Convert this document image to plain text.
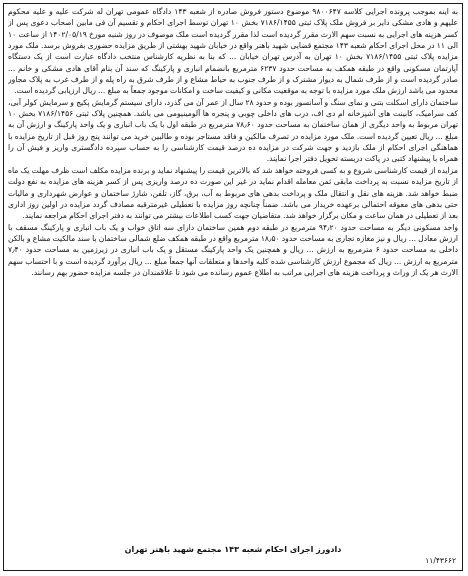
به اینه بموجب پرونده اجرایی کلاسه ۹۸۰۰۶۴۷ موضوع دستور فروش صادره از شعبه ۱۴۳ دادگاه عمومی تهران له شرکت علیه و علیه محکوم علیهم و هادی مشکی دایر بر فروش ملک پلاک ثبتی ۷۱۸۶/۱۴۵۵ بخش ۱۰ تهران توسط اجرای احکام و تقسیم آن فی مابین اصحاب دعوی پس از کسر هزینه های اجرایی به نسبت سهم الارث مقرر گردیده است لذا مقرر گردیده است ملک موصوف در روز شنبه مورخ ۱۴۰۲/۰۵/۱۹ از ساعت ۱۰ الی ۱۱ در محل اجرای احکام شعبه ۱۴۳ مجتمع قضایی شهید باهنر واقع در خیابان شهید بهشتی از طریق مزایده حضوری بفروش برسد. ملک مورد مزایده پلاک ثبتی ۷۱۸۶/۱۴۵۵ بخش ۱۰ تهران به آدرس تهران خیابان ... که بنا به نظریه کارشناس منتخب دادگاه عبارت است از یک دستگاه آپارتمان مسکونی واقع در طبقه همکف به مساحت حدود ۶۲۳۷ مترمربع بانضمام انباری و پارکینگ که سند آن بنام آقای هادی مشکی و خانم ... صادر گردیده است و از طرف شمال به دیوار مشترک و از طرف جنوب به حیاط مشاع و از طرف شرق به راه پله و از طرف غرب به پلاک مجاور محدود می باشد ارزش ملک مورد مزایده با توجه به موقعیت مکانی و کیفیت ساخت و امکانات موجود جمعاً به مبلغ ... ریال ارزیابی گردیده است.

ساختمان دارای اسکلت بتنی و نمای سنگ و آسانسور بوده و حدود ۲۸ سال از عمر آن می گذرد، دارای سیستم گرمایش پکیج و سرمایش کولر آبی، کف سرامیک، کابینت های آشپزخانه ام دی اف، درب های داخلی چوبی و پنجره ها آلومینیومی می باشد. همچنین پلاک ثبتی ۷۱۸۶/۱۴۵۶ بخش ۱۰ تهران مربوط به واحد دیگری از همان ساختمان به مساحت حدود ۷۸٫۶۰ مترمربع در طبقه اول با یک باب انباری و یک واحد پارکینگ و ارزش آن به مبلغ ... ریال تعیین گردیده است. ملک مورد مزایده در تصرف مالکین و فاقد مستاجر بوده و طالبین خرید می توانند پنج روز قبل از تاریخ مزایده با هماهنگی اجرای احکام از ملک بازدید و جهت شرکت در مزایده ده درصد قیمت کارشناسی را به حساب سپرده دادگستری واریز و فیش آن را همراه با پیشنهاد کتبی در پاکت دربسته تحویل دفتر اجرا نمایند.

مزایده از قیمت کارشناسی شروع و به کسی فروخته خواهد شد که بالاترین قیمت را پیشنهاد نماید و برنده مزایده مکلف است ظرف مهلت یک ماه از تاریخ مزایده نسبت به پرداخت مابقی ثمن معامله اقدام نماید در غیر این صورت ده درصد واریزی پس از کسر هزینه های مزایده به نفع دولت ضبط خواهد شد. هزینه های نقل و انتقال ملک و پرداخت بدهی های مربوط به آب، برق، گاز، تلفن، شارژ ساختمان و عوارض شهرداری و مالیات حتی بدهی های معوقه احتمالی برعهده خریدار می باشد. ضمناً چنانچه روز مزایده با تعطیلی غیرمترقبه مصادف گردد مزایده در اولین روز اداری بعد از تعطیلی در همان ساعت و مکان برگزار خواهد شد. متقاضیان جهت کسب اطلاعات بیشتر می توانند به دفتر اجرای احکام مراجعه نمایند.

واحد مسکونی دیگر به مساحت حدود ۹۴٫۲۰ مترمربع در طبقه دوم همین ساختمان دارای سه اتاق خواب و یک باب انباری و پارکینگ مسقف با ارزش معادل ... ریال و نیز مغازه تجاری به مساحت حدود ۱۸٫۵۰ مترمربع واقع در طبقه همکف ضلع شمالی ساختمان با سند مالکیت مشاع و بالکن داخلی به مساحت حدود ۶ مترمربع به ارزش ... ریال و همچنین یک واحد پارکینگ مستقل و یک باب انباری در زیرزمین به مساحت حدود ۷٫۴۰ مترمربع به ارزش ... ریال که مجموع ارزش کارشناسی شده کلیه واحدها و متعلقات آنها جمعاً مبلغ ... ریال برآورد گردیده است و با احتساب سهم الارث هر یک از وراث و پرداخت هزینه های اجرایی مراتب به اطلاع عموم رسانده می شود تا علاقمندان در جلسه مزایده حضور بهم رسانند.

دادورز اجرای احکام شعبه ۱۴۳ مجتمع شهید باهنر تهران
۱۱/۴۳۶۶۲
